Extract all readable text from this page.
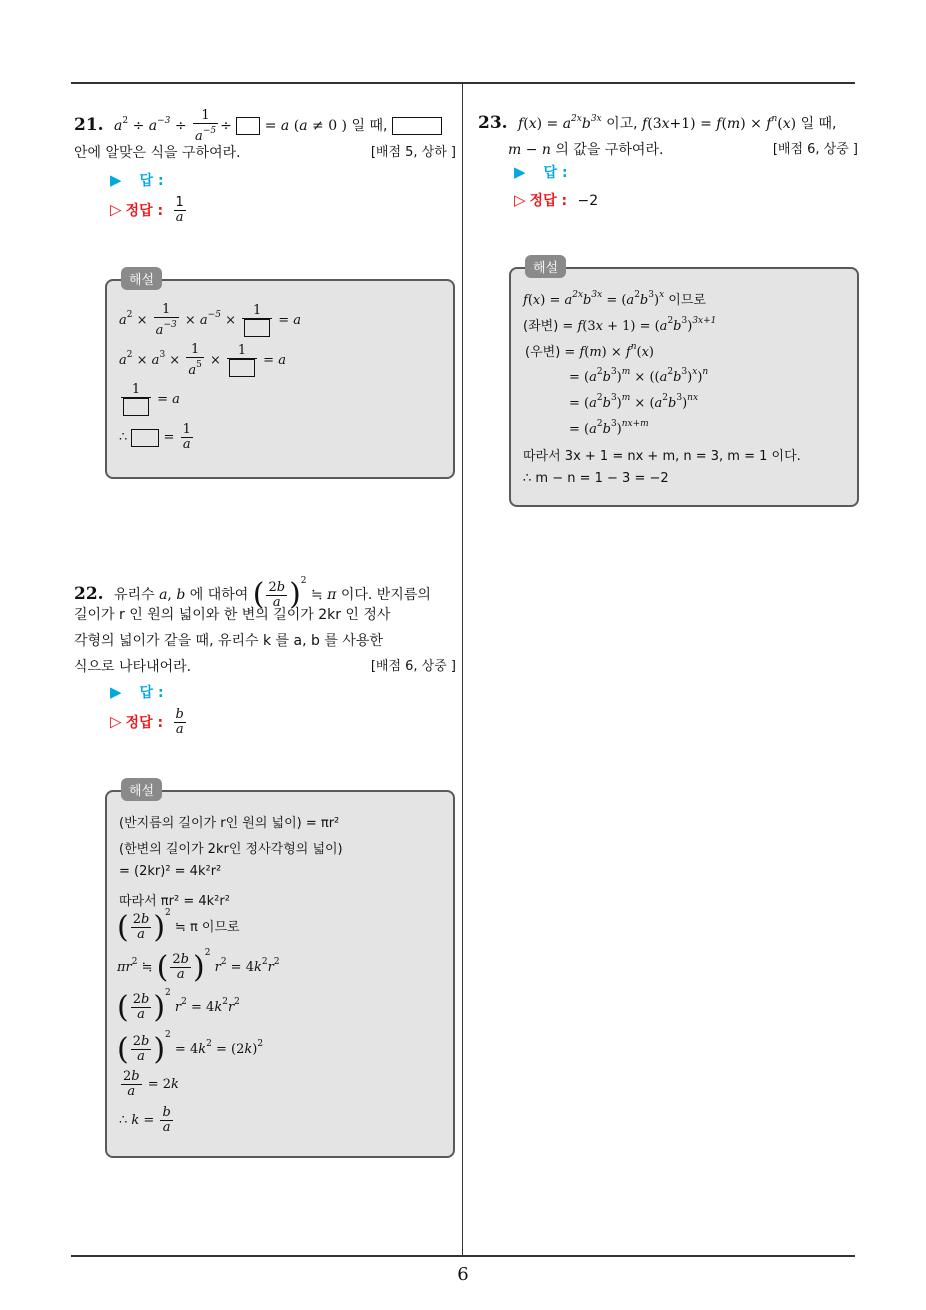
21. $a^2 \div a^{-3} \div \frac{1}{a^{-5}}$ ÷  = a (a ≠ 0 ) 일 때,
안에 알맞은 식을 구하여라.	[배점 5, 상하 ]
▶ 답 :
▷ 정답 : $\frac{1}{a}$
해설
$a^2 \times \frac{1}{a^{-3}} \times a^{-5}$ ×
1
= a
$a^2 \times a^3 \times \frac{1}{a^5}$ ×
1
= a
1
= a
∴  = $\frac{1}{a}$
22. 유리수 a, b 에 대하여 ( $\frac{2b}{a} )^2$ ≒ π 이다. 반지름의
길이가 r 인 원의 넓이와 한 변의 길이가 2kr 인 정사
각형의 넓이가 같을 때, 유리수 k 를 a, b 를 사용한
식으로 나타내어라.	[배점 6, 상중 ]
▶ 답 :
▷ 정답 : $\frac{b}{a}$
해설
(반지름의 길이가 r인 원의 넓이) = πr²
(한변의 길이가 2kr인 정사각형의 넓이)
= (2kr)² = 4k²r²
따라서 πr² = 4k²r²
( $\frac{2b}{a} )^2$ ≒ π 이므로
$\pi r^2$ ≒ ( $\frac{2b}{a} )^2$ $r^2 = 4k^2r^2$
( $\frac{2b}{a} )^2$ $r^2 = 4k^2r^2$
( $\frac{2b}{a} )^2 = 4k^2 = (2k)^2$
$\frac{2b}{a} = 2k$
∴ $k = \frac{b}{a}$
23. $f(x) = a^{2x}b^{3x}$ 이고, $f(3x+1) = f(m) \times f^n(x)$ 일 때,
m − n 의 값을 구하여라.	[배점 6, 상중 ]
▶ 답 :
▷ 정답 : −2
해설
$f(x) = a^{2x}b^{3x} = (a^2b^3)^x$ 이므로
(좌변) = $f(3x + 1) = (a^2b^3)^{3x+1}$
(우변) = $f(m) \times f^n(x)$
= $(a^2b^3)^m \times ((a^2b^3)^x)^n$
= $(a^2b^3)^m \times (a^2b^3)^{nx}$
= $(a^2b^3)^{nx+m}$
따라서 3x + 1 = nx + m, n = 3, m = 1 이다.
∴ m − n = 1 − 3 = −2
6
